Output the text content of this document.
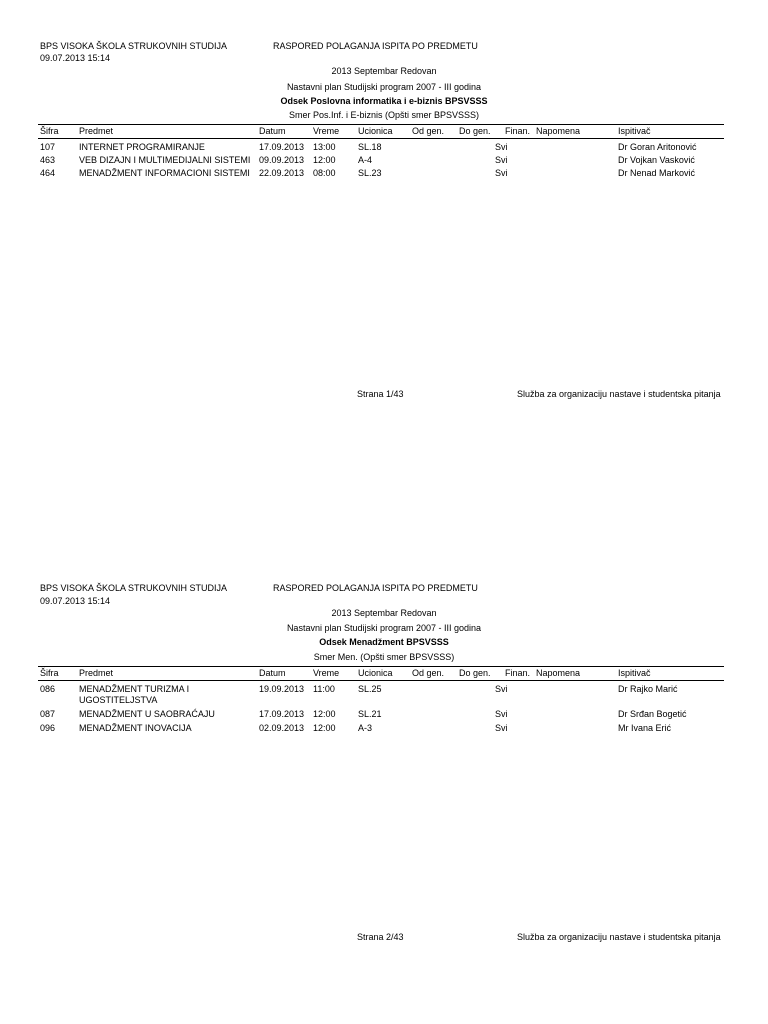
BPS VISOKA ŠKOLA STRUKOVNIH STUDIJA
09.07.2013 15:14
RASPORED POLAGANJA ISPITA PO PREDMETU
2013 Septembar Redovan
Nastavni plan Studijski program 2007 - III godina
Odsek Poslovna informatika i e-biznis BPSVSSS
Smer Pos.Inf. i E-biznis (Opšti smer BPSVSSS)
Šifra Predmet	Datum	Vreme Ucionica Od gen. Do gen. Finan. Napomena	Ispitivač
107	INTERNET PROGRAMIRANJE	17.09.2013 13:00 SL.18	Svi	Dr Goran Aritonović
463	VEB DIZAJN I MULTIMEDIJALNI SISTEMI 09.09.2013 12:00 A-4	Svi	Dr Vojkan Vasković
464	MENADŽMENT INFORMACIONI SISTEMI 22.09.2013 08:00 SL.23	Svi	Dr Nenad Marković
Strana 1/43	Služba za organizaciju nastave i studentska pitanja
BPS VISOKA ŠKOLA STRUKOVNIH STUDIJA
09.07.2013 15:14
RASPORED POLAGANJA ISPITA PO PREDMETU
2013 Septembar Redovan
Nastavni plan Studijski program 2007 - III godina
Odsek Menadžment BPSVSSS
Smer Men. (Opšti smer BPSVSSS)
Šifra Predmet	Datum	Vreme Ucionica Od gen. Do gen. Finan. Napomena	Ispitivač
086	MENADŽMENT TURIZMA I UGOSTITELJSTVA
19.09.2013 11:00	SL.25	Svi	Dr Rajko Marić
087	MENADŽMENT U SAOBRAĆAJU	17.09.2013 12:00 SL.21	Svi	Dr Srđan Bogetić
096	MENADŽMENT INOVACIJA	02.09.2013 12:00 A-3	Svi	Mr Ivana Erić
Strana 2/43	Služba za organizaciju nastave i studentska pitanja
